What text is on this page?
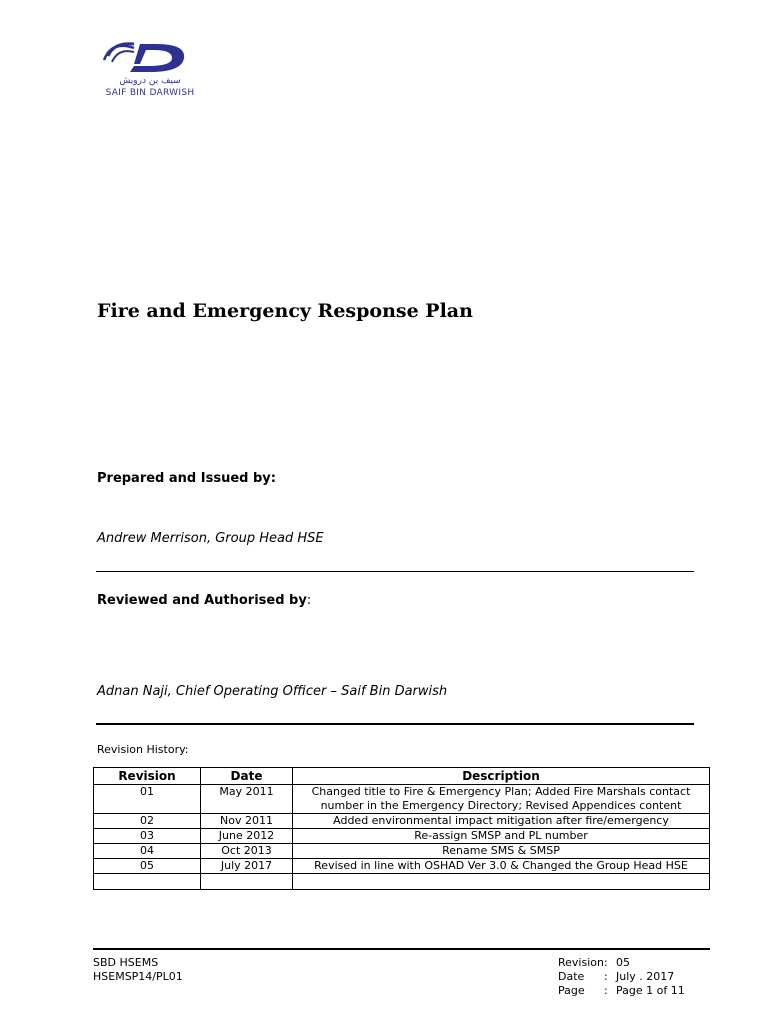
سيف بن درويش
SAIF BIN DARWISH
Fire and Emergency Response Plan
Prepared and Issued by:
Andrew Merrison, Group Head HSE
Reviewed and Authorised by:
Adnan Naji, Chief Operating Officer – Saif Bin Darwish
Revision History:
Revision	Date	Description
01	May 2011	Changed title to Fire & Emergency Plan; Added Fire Marshals contact number in the Emergency Directory; Revised Appendices content
02	Nov 2011	Added environmental impact mitigation after fire/emergency
03	June 2012	Re-assign SMSP and PL number
04	Oct 2013	Rename SMS & SMSP
05	July 2017	Revised in line with OSHAD Ver 3.0 & Changed the Group Head HSE

SBD HSEMS
HSEMSP14/PL01
Revision: 05
Date	: July . 2017
Page	: Page 1 of 11
